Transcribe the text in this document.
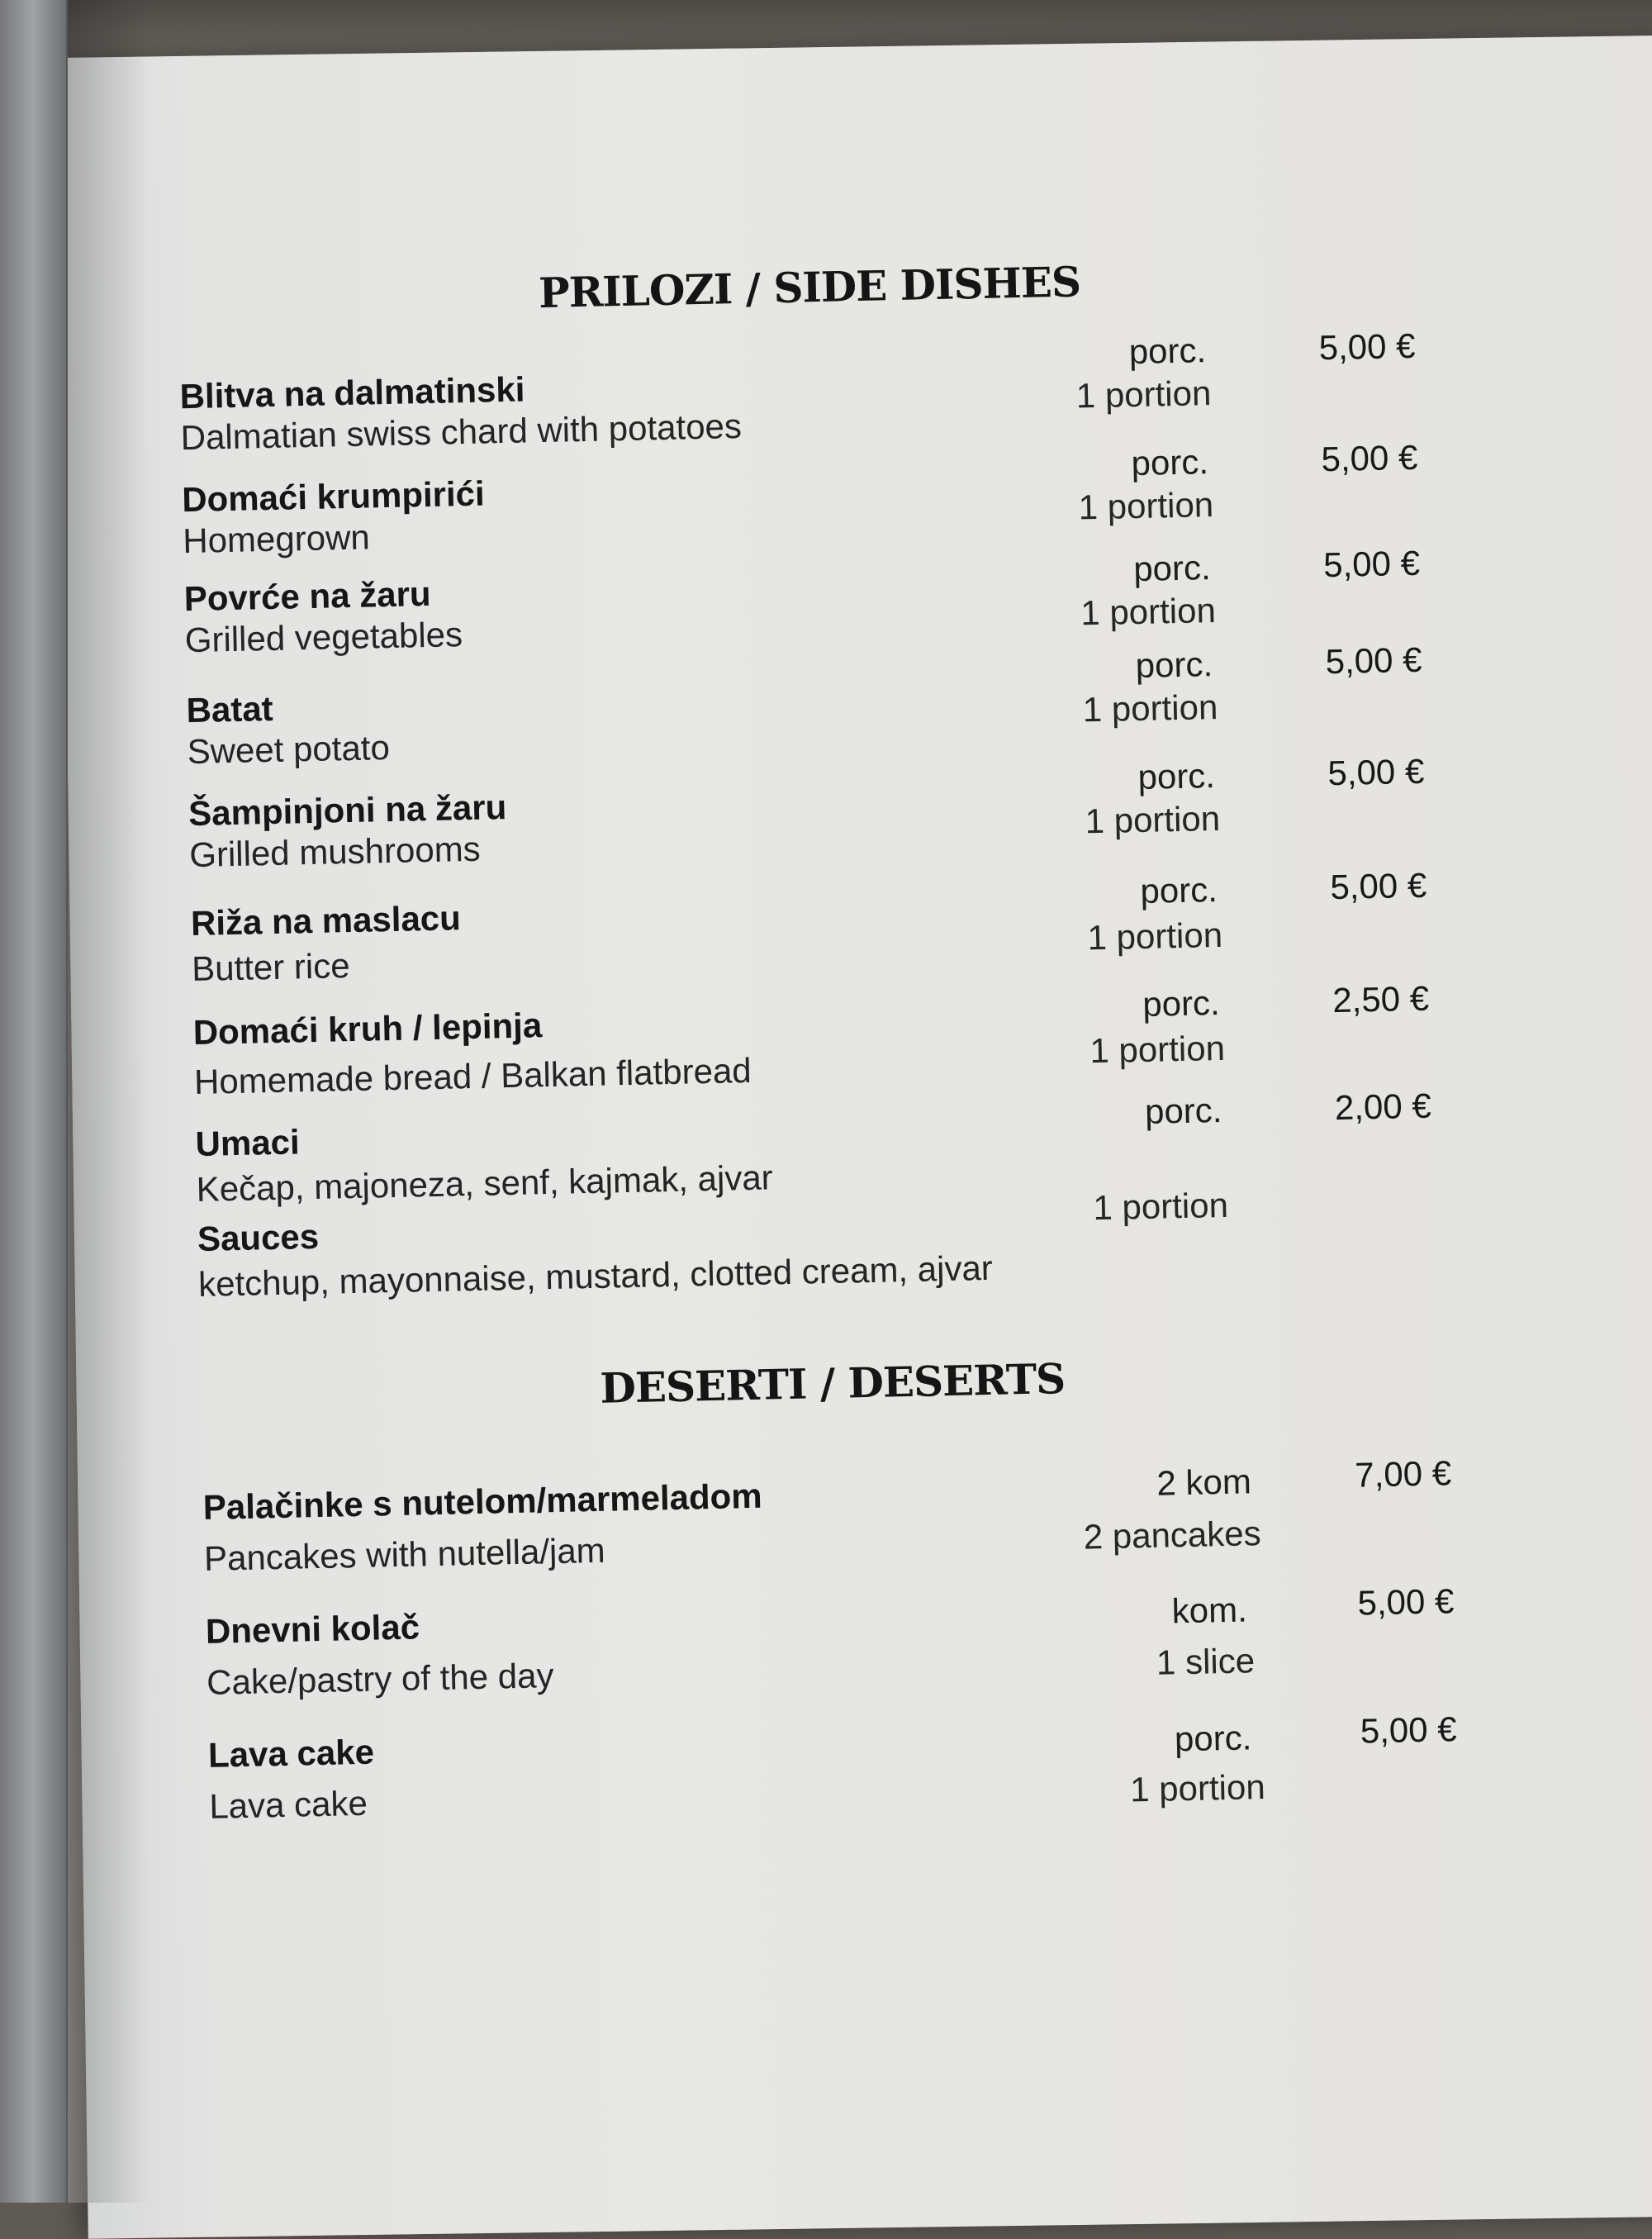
PRILOZI / SIDE DISHES
Blitva na dalmatinski
Dalmatian swiss chard with potatoes
porc.
1 portion
5,00 €
Domaći krumpirići
Homegrown
porc.
1 portion
5,00 €
Povrće na žaru
Grilled vegetables
porc.
1 portion
5,00 €
Batat
Sweet potato
porc.
1 portion
5,00 €
Šampinjoni na žaru
Grilled mushrooms
porc.
1 portion
5,00 €
Riža na maslacu
Butter rice
porc.
1 portion
5,00 €
Domaći kruh / lepinja
Homemade bread / Balkan flatbread
porc.
1 portion
2,50 €
Umaci
Kečap, majoneza, senf, kajmak, ajvar
Sauces
ketchup, mayonnaise, mustard, clotted cream, ajvar
porc.
1 portion
2,00 €
DESERTI / DESERTS
Palačinke s nutelom/marmeladom
Pancakes with nutella/jam
2 kom
2 pancakes
7,00 €
Dnevni kolač
Cake/pastry of the day
kom.
1 slice
5,00 €
Lava cake
Lava cake
porc.
1 portion
5,00 €
